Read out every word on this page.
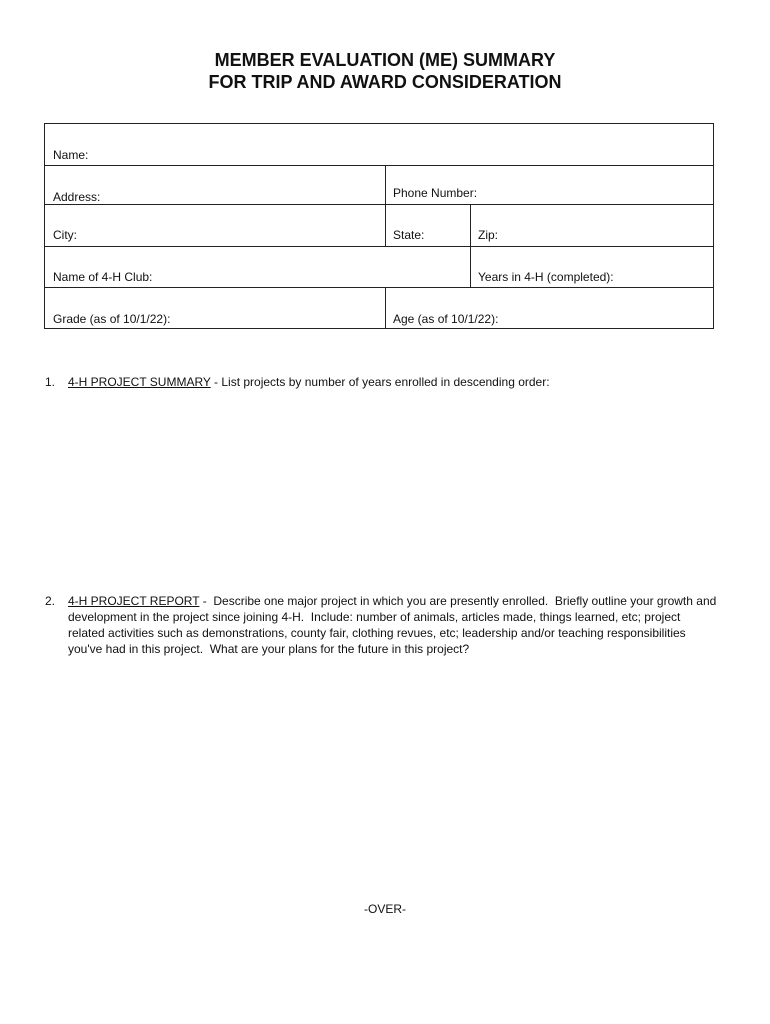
MEMBER EVALUATION (ME) SUMMARY
FOR TRIP AND AWARD CONSIDERATION
Name:
Address:	Phone Number:
City:	State:	Zip:
Name of 4-H Club:	Years in 4-H (completed):
Grade (as of 10/1/22):	Age (as of 10/1/22):
1. 4-H PROJECT SUMMARY - List projects by number of years enrolled in descending order:
2. 4-H PROJECT REPORT -  Describe one major project in which you are presently enrolled.  Briefly outline your growth and development in the project since joining 4-H.  Include: number of animals, articles made, things learned, etc; project related activities such as demonstrations, county fair, clothing revues, etc; leadership and/or teaching responsibilities you've had in this project.  What are your plans for the future in this project?
-OVER-
